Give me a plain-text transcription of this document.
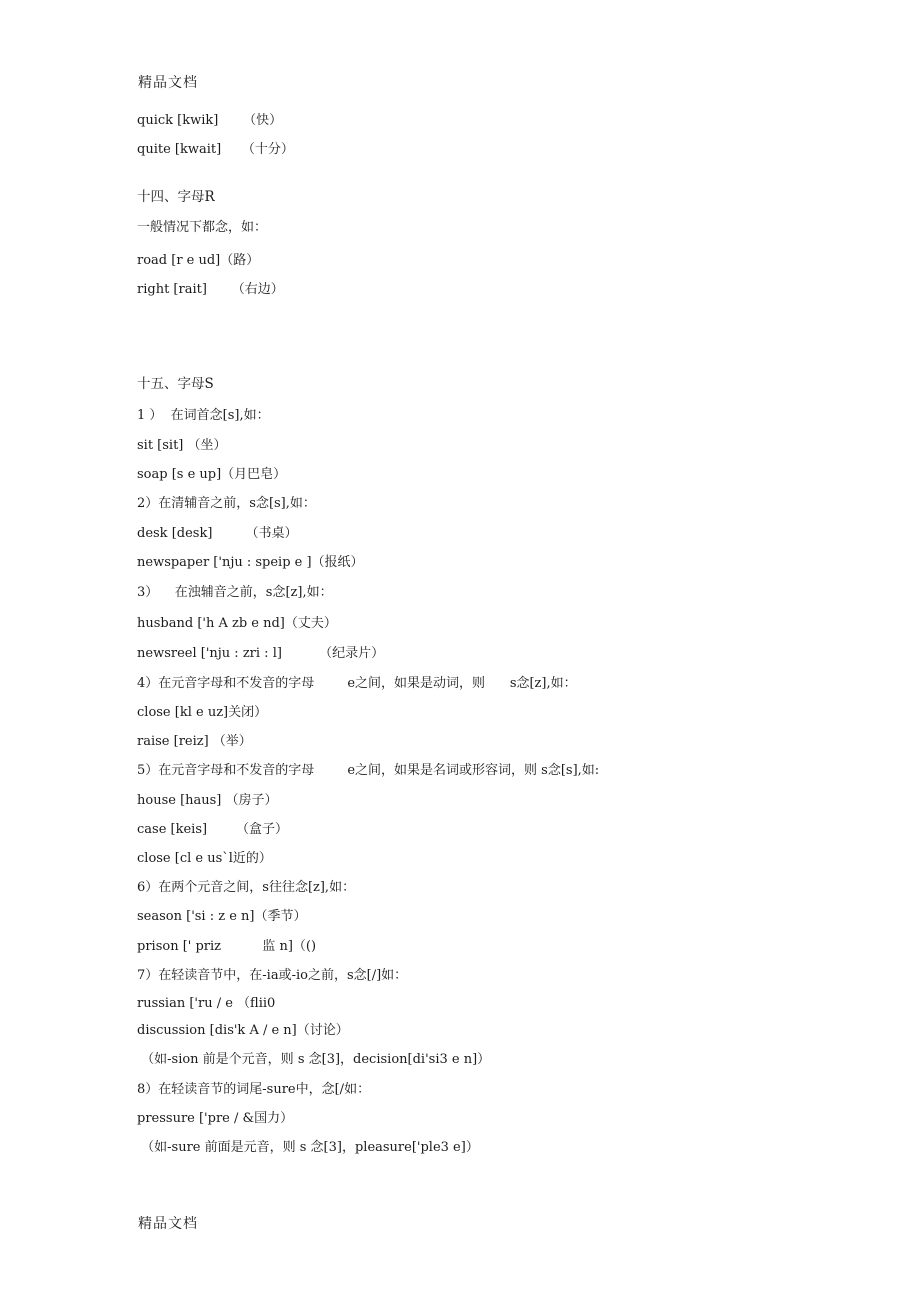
精品文档
quick [kwik]      （快）
quite [kwait]     （十分）
十四、字母R
一般情况下都念，如：
road [r e ud]（路）
right [rait]      （右边）
十五、字母S
1 ）  在词首念[s],如：
sit [sit] （坐）
soap [s e up]（月巴皂）
2）在清辅音之前，s念[s],如：
desk [desk]        （书桌）
newspaper ['nju : speip e ]（报纸）
3）    在浊辅音之前，s念[z],如：
husband ['h A zb e nd]（丈夫）
newsreel ['nju : zri : l]         （纪录片）
4）在元音字母和不发音的字母        e之间，如果是动词，则      s念[z],如：
close [kl e uz]关闭）
raise [reiz] （举）
5）在元音字母和不发音的字母        e之间，如果是名词或形容词，则 s念[s],如:
house [haus] （房子）
case [keis]       （盒子）
close [cl e us`l近的）
6）在两个元音之间，s往往念[z],如：
season ['si : z e n]（季节）
prison [' priz          监 n]（()
7）在轻读音节中，在-ia或-io之前，s念[/]如：
russian ['ru / e （flii0
discussion [dis'k A / e n]（讨论）
（如-sion 前是个元音，则 s 念[3]，decision[di'si3 e n]）
8）在轻读音节的词尾-sure中，念[/如：
pressure ['pre / &国力）
（如-sure 前面是元音，则 s 念[3]，pleasure['ple3 e]）
精品文档
